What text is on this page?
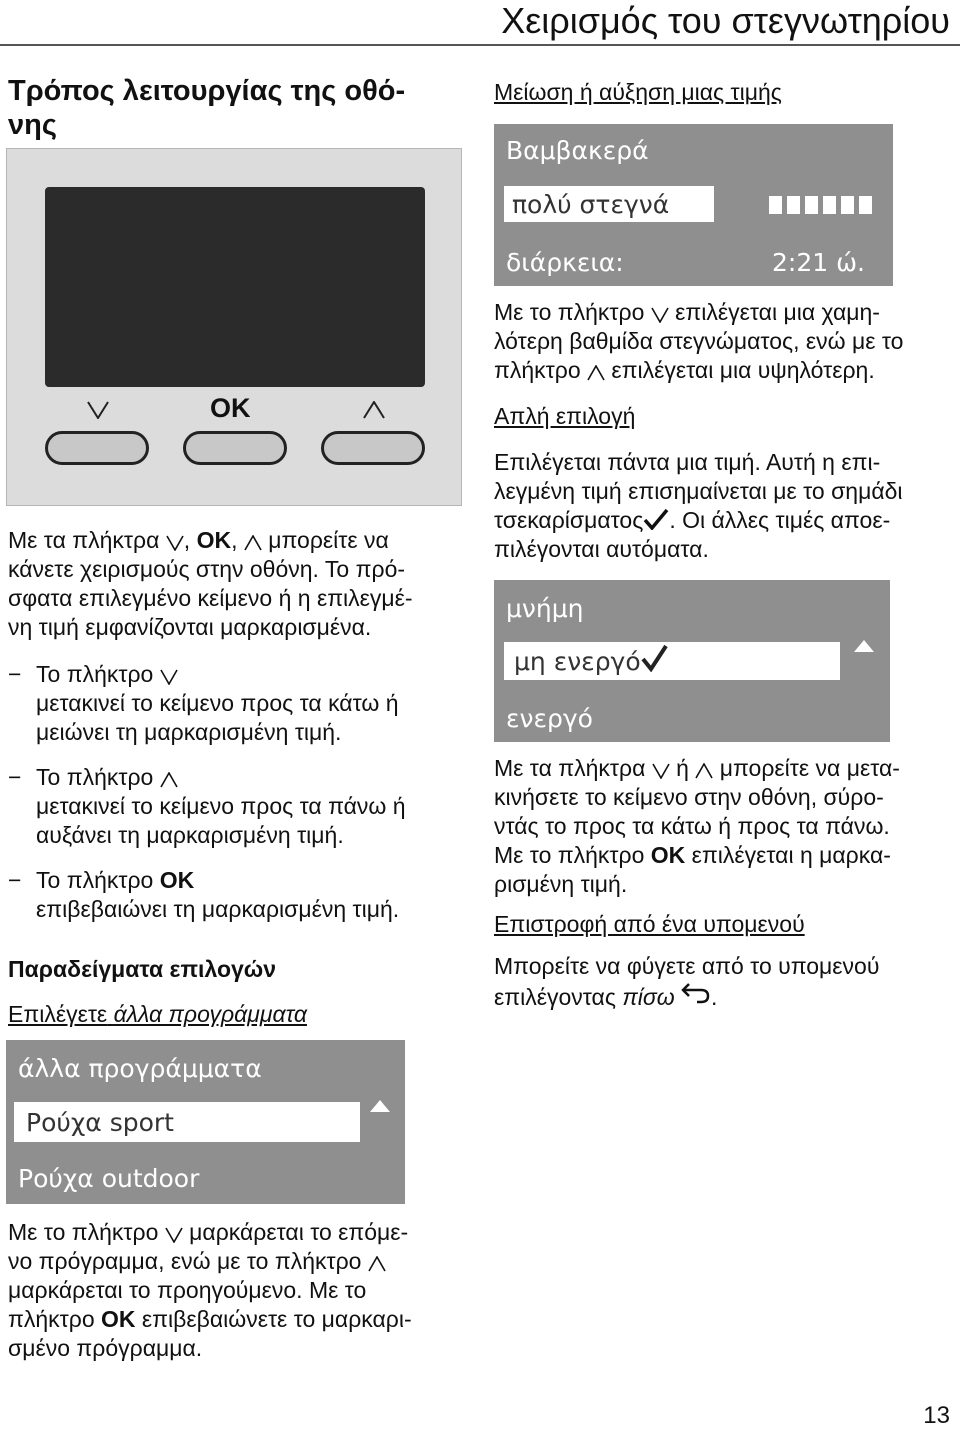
Χειρισμός του στεγνωτηρίου
Τρόπος λειτουργίας της οθό-
νης
OK
Με τα πλήκτρα , OK,  μπορείτε να
κάνετε χειρισμούς στην οθόνη. Το πρό-
σφατα επιλεγμένο κείμενο ή η επιλεγμέ-
νη τιμή εμφανίζονται μαρκαρισμένα.
− Το πλήκτρο
μετακινεί το κείμενο προς τα κάτω ή
μειώνει τη μαρκαρισμένη τιμή.
− Το πλήκτρο
μετακινεί το κείμενο προς τα πάνω ή
αυξάνει τη μαρκαρισμένη τιμή.
− Το πλήκτρο OK
επιβεβαιώνει τη μαρκαρισμένη τιμή.
Παραδείγματα επιλογών
Επιλέγετε άλλα προγράμματα
άλλα προγράμματα
Ρούχα sport
Ρούχα outdoor
Με το πλήκτρο μαρκάρεται το επόμε-
νο πρόγραμμα, ενώ με το πλήκτρο
μαρκάρεται το προηγούμενο. Με το
πλήκτρο OK επιβεβαιώνετε το μαρκαρι-
σμένο πρόγραμμα.
Μείωση ή αύξηση μιας τιμής
Βαμβακερά
πολύ στεγνά
διάρκεια:	2:21 ώ.
Με το πλήκτρο επιλέγεται μια χαμη-
λότερη βαθμίδα στεγνώματος, ενώ με το
πλήκτρο επιλέγεται μια υψηλότερη.
Απλή επιλογή
Επιλέγεται πάντα μια τιμή. Αυτή η επι-
λεγμένη τιμή επισημαίνεται με το σημάδι
τσεκαρίσματος . Οι άλλες τιμές αποε-
πιλέγονται αυτόματα.
μνήμη
μη ενεργό
ενεργό
Με τα πλήκτρα ή μπορείτε να μετα-
κινήσετε το κείμενο στην οθόνη, σύρο-
ντάς το προς τα κάτω ή προς τα πάνω.
Με το πλήκτρο OK επιλέγεται η μαρκα-
ρισμένη τιμή.
Επιστροφή από ένα υπομενού
Μπορείτε να φύγετε από το υπομενού
επιλέγοντας πίσω .
13
